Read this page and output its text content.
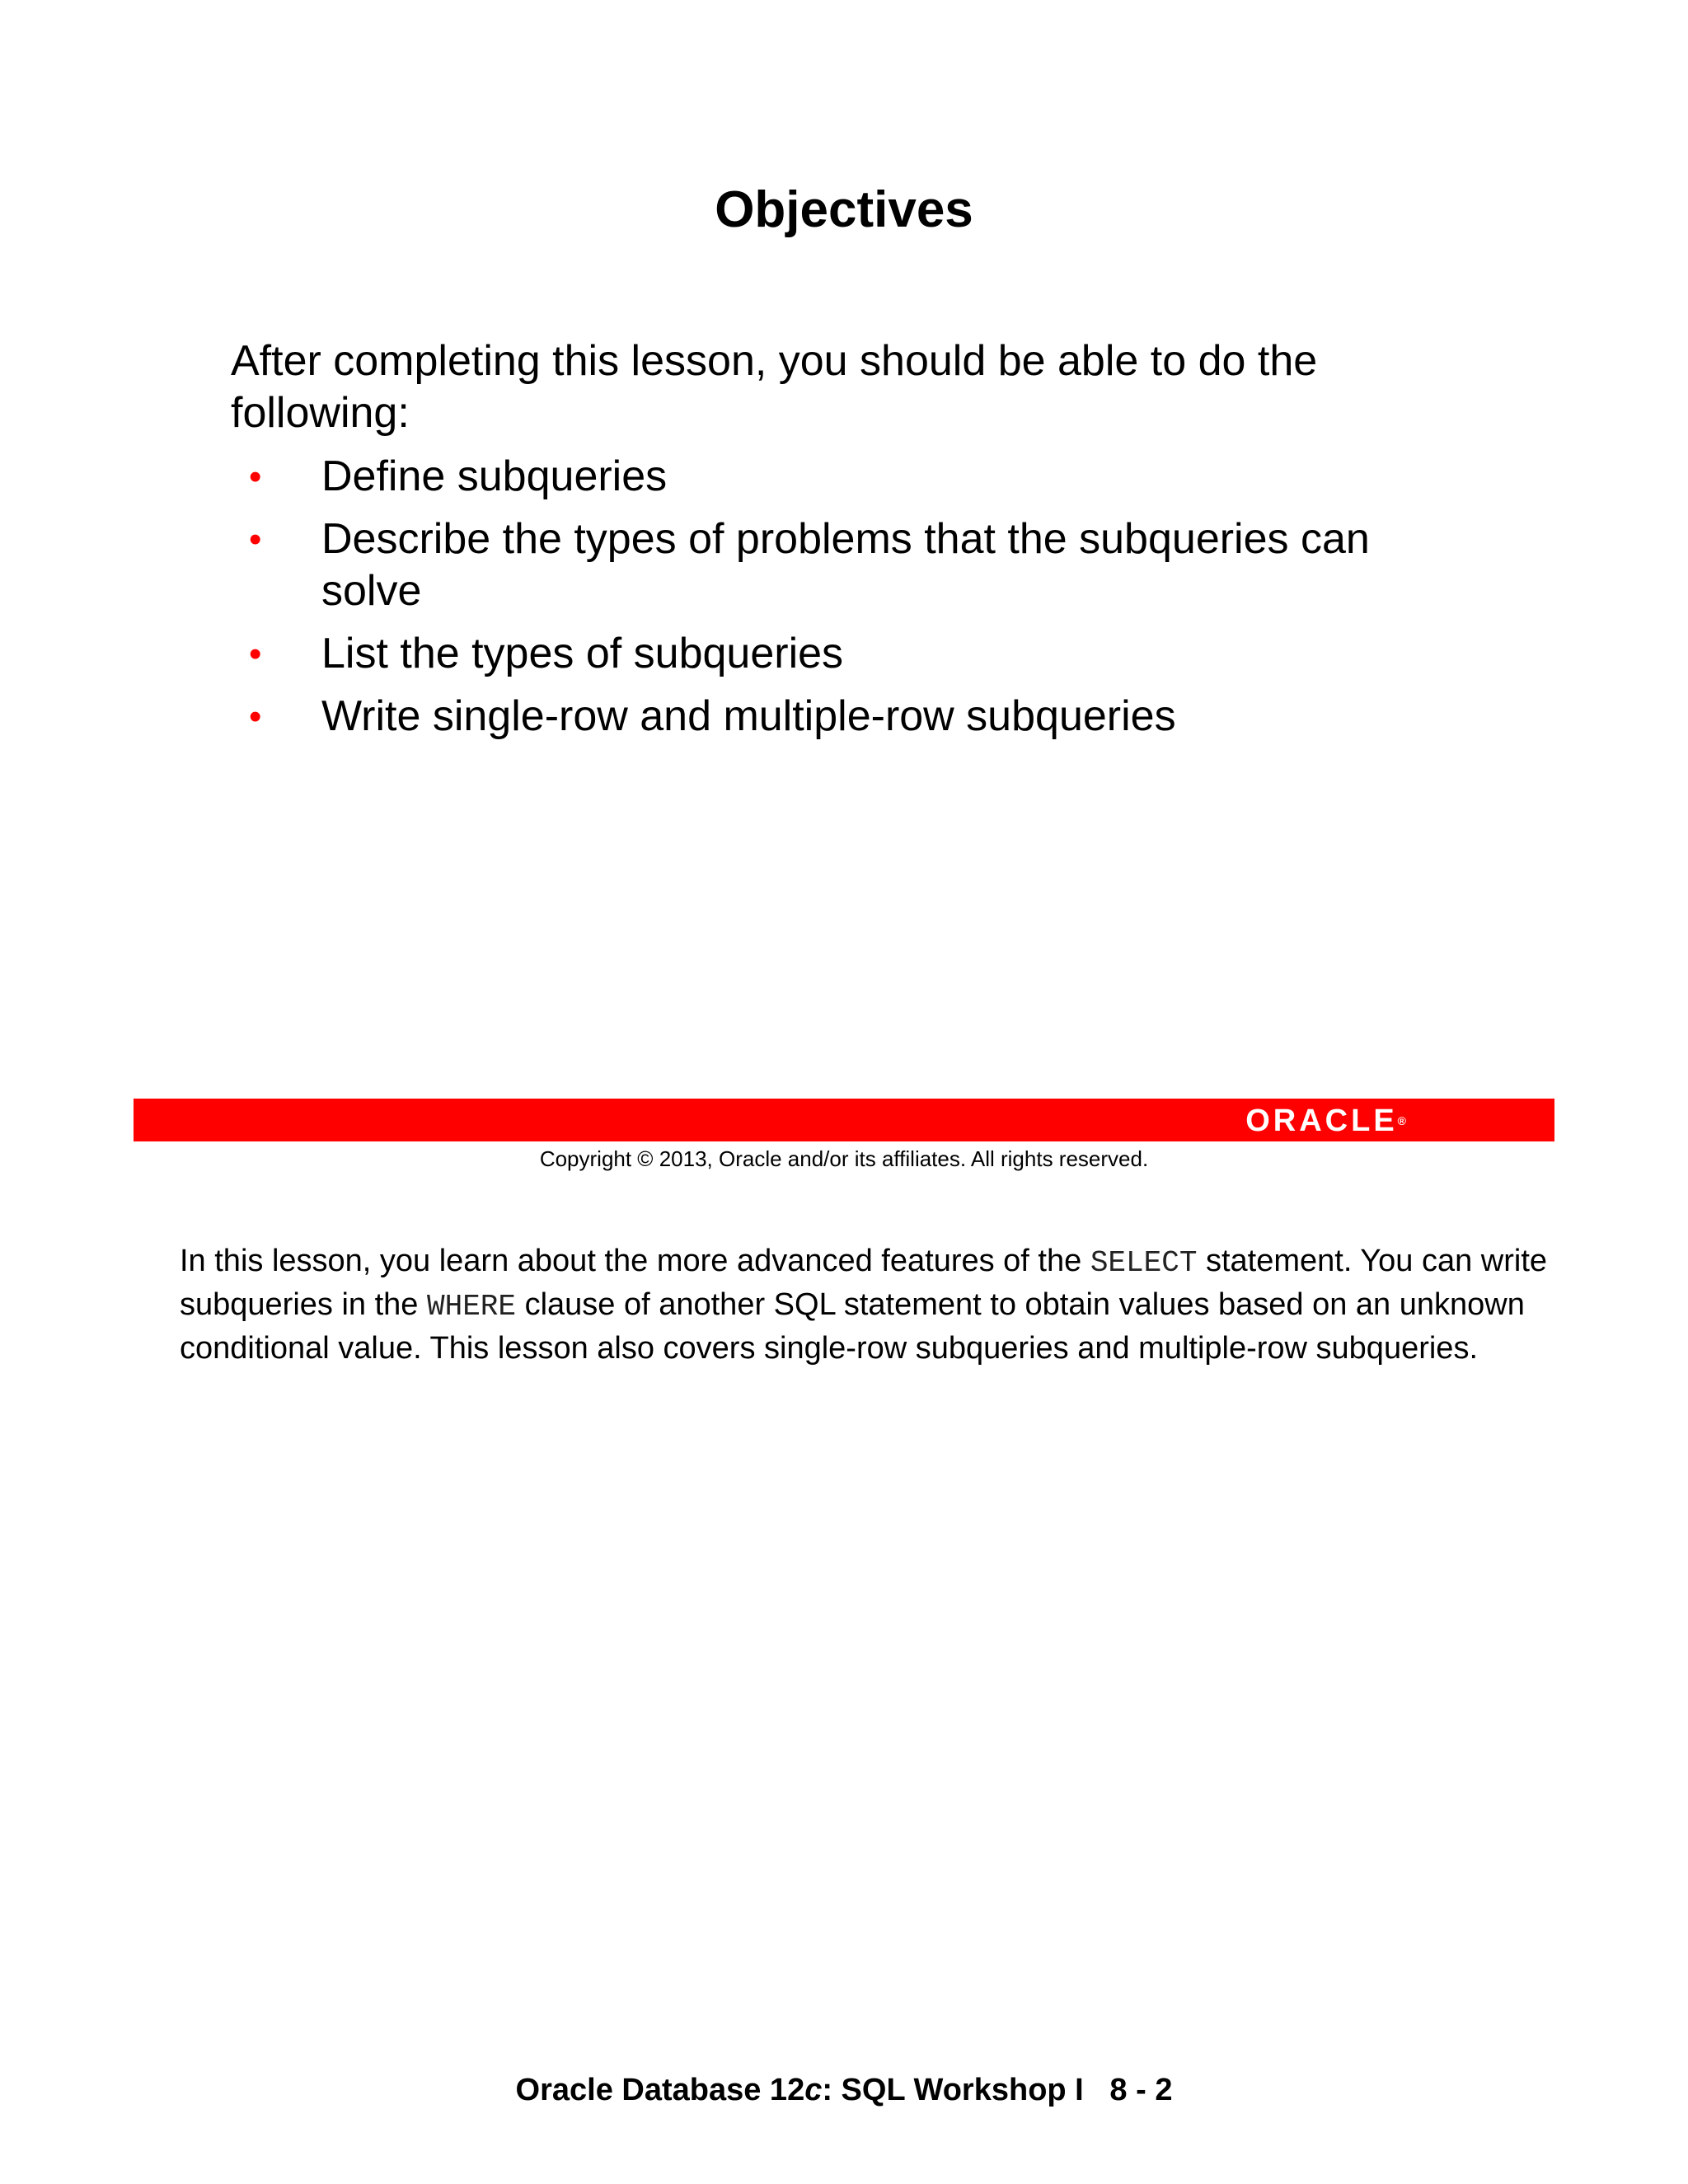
Objectives

After completing this lesson, you should be able to do the following:

• Define subqueries
• Describe the types of problems that the subqueries can solve
• List the types of subqueries
• Write single-row and multiple-row subqueries
ORACLE®
Copyright © 2013, Oracle and/or its affiliates. All rights reserved.

In this lesson, you learn about the more advanced features of the SELECT statement. You can write subqueries in the WHERE clause of another SQL statement to obtain values based on an unknown conditional value. This lesson also covers single-row subqueries and multiple-row subqueries.

Oracle Database 12c: SQL Workshop I   8 - 2
